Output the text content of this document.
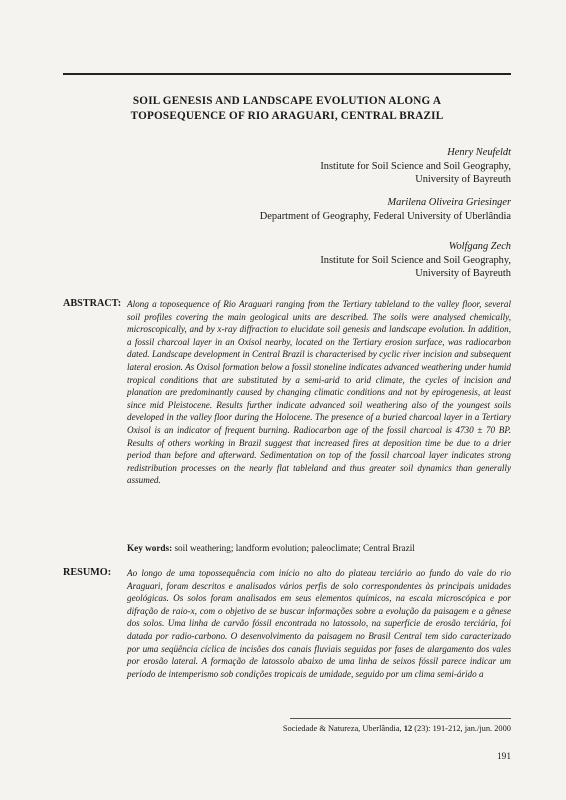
SOIL GENESIS AND LANDSCAPE EVOLUTION ALONG A
TOPOSEQUENCE OF RIO ARAGUARI, CENTRAL BRAZIL
Henry Neufeldt
Institute for Soil Science and Soil Geography,
University of Bayreuth
Marilena Oliveira Griesinger
Department of Geography, Federal University of Uberlândia
Wolfgang Zech
Institute for Soil Science and Soil Geography,
University of Bayreuth
ABSTRACT: Along a toposequence of Rio Araguari ranging from the Tertiary tableland to the valley floor, several soil profiles covering the main geological units are described. The soils were analysed chemically, microscopically, and by x-ray diffraction to elucidate soil genesis and landscape evolution. In addition, a fossil charcoal layer in an Oxisol nearby, located on the Tertiary erosion surface, was radiocarbon dated. Landscape development in Central Brazil is characterised by cyclic river incision and subsequent lateral erosion. As Oxisol formation below a fossil stoneline indicates advanced weathering under humid tropical conditions that are substituted by a semi-arid to arid climate, the cycles of incision and planation are predominantly caused by changing climatic conditions and not by epirogenesis, at least since mid Pleistocene. Results further indicate advanced soil weathering also of the youngest soils developed in the valley floor during the Holocene. The presence of a buried charcoal layer in a Tertiary Oxisol is an indicator of frequent burning. Radiocarbon age of the fossil charcoal is 4730 ± 70 BP. Results of others working in Brazil suggest that increased fires at deposition time be due to a drier period than before and afterward. Sedimentation on top of the fossil charcoal layer indicates strong redistribution processes on the nearly flat tableland and thus greater soil dynamics than generally assumed.
Key words: soil weathering; landform evolution; paleoclimate; Central Brazil
RESUMO: Ao longo de uma topossequência com início no alto do plateau terciário ao fundo do vale do rio Araguari, foram descritos e analisados vários perfis de solo correspondentes às principais unidades geológicas. Os solos foram analisados em seus elementos químicos, na escala microscópica e por difração de raio-x, com o objetivo de se buscar informações sobre a evolução da paisagem e a gênese dos solos. Uma linha de carvão fóssil encontrada no latossolo, na superfície de erosão terciária, foi datada por radio-carbono. O desenvolvimento da paisagem no Brasil Central tem sido caracterizado por uma seqüência cíclica de incisões dos canais fluviais seguidas por fases de alargamento dos vales por erosão lateral. A formação de latossolo abaixo de uma linha de seixos fóssil parece indicar um período de intemperismo sob condições tropicais de umidade, seguido por um clima semi-árido a
Sociedade & Natureza, Uberlândia, 12 (23): 191-212, jan./jun. 2000
191
